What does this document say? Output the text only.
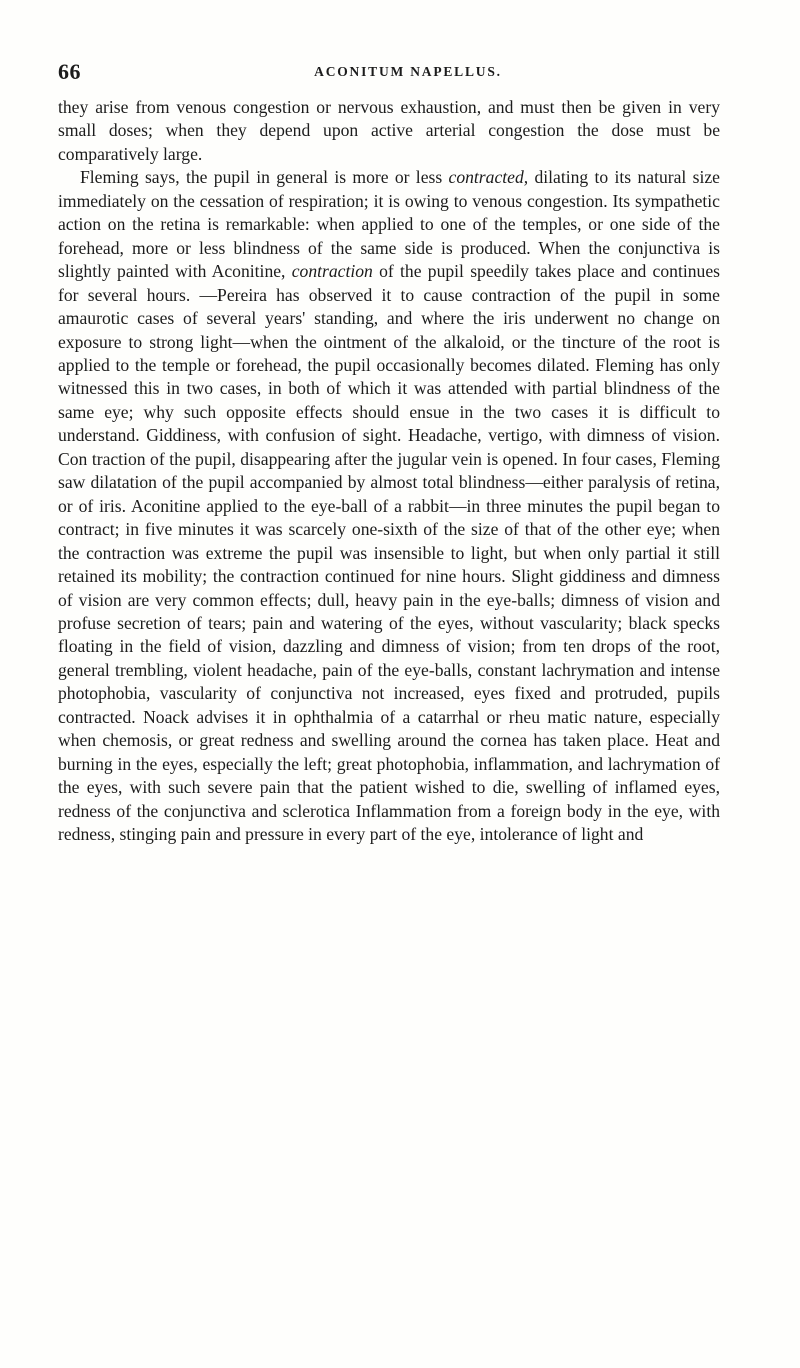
66	ACONITUM NAPELLUS.

they arise from venous congestion or nervous exhaustion, and must then be given in very small doses; when they depend upon active arterial congestion the dose must be comparatively large.

Fleming says, the pupil in general is more or less contracted, dilating to its natural size immediately on the cessation of respiration; it is owing to venous congestion. Its sympathetic action on the retina is remarkable: when applied to one of the temples, or one side of the forehead, more or less blindness of the same side is produced. When the conjunctiva is slightly painted with Aconitine, contraction of the pupil speedily takes place and continues for several hours. —Pereira has observed it to cause contraction of the pupil in some amaurotic cases of several years' standing, and where the iris underwent no change on exposure to strong light—when the ointment of the alkaloid, or the tincture of the root is applied to the temple or forehead, the pupil occasionally becomes dilated. Fleming has only witnessed this in two cases, in both of which it was attended with partial blindness of the same eye; why such opposite effects should ensue in the two cases it is difficult to understand. Giddiness, with confusion of sight. Headache, vertigo, with dimness of vision. Con traction of the pupil, disappearing after the jugular vein is opened. In four cases, Fleming saw dilatation of the pupil accompanied by almost total blindness—either paralysis of retina, or of iris. Aconitine applied to the eye-ball of a rabbit—in three minutes the pupil began to contract; in five minutes it was scarcely one-sixth of the size of that of the other eye; when the contraction was extreme the pupil was insensible to light, but when only partial it still retained its mobility; the contraction continued for nine hours. Slight giddiness and dimness of vision are very common effects; dull, heavy pain in the eye-balls; dimness of vision and profuse secretion of tears; pain and watering of the eyes, without vascularity; black specks floating in the field of vision, dazzling and dimness of vision; from ten drops of the root, general trembling, violent headache, pain of the eye-balls, constant lachrymation and intense photophobia, vascularity of conjunctiva not increased, eyes fixed and protruded, pupils contracted. Noack advises it in ophthalmia of a catarrhal or rheu matic nature, especially when chemosis, or great redness and swelling around the cornea has taken place. Heat and burning in the eyes, especially the left; great photophobia, inflammation, and lachrymation of the eyes, with such severe pain that the patient wished to die, swelling of inflamed eyes, redness of the conjunctiva and sclerotica Inflammation from a foreign body in the eye, with redness, stinging pain and pressure in every part of the eye, intolerance of light and
